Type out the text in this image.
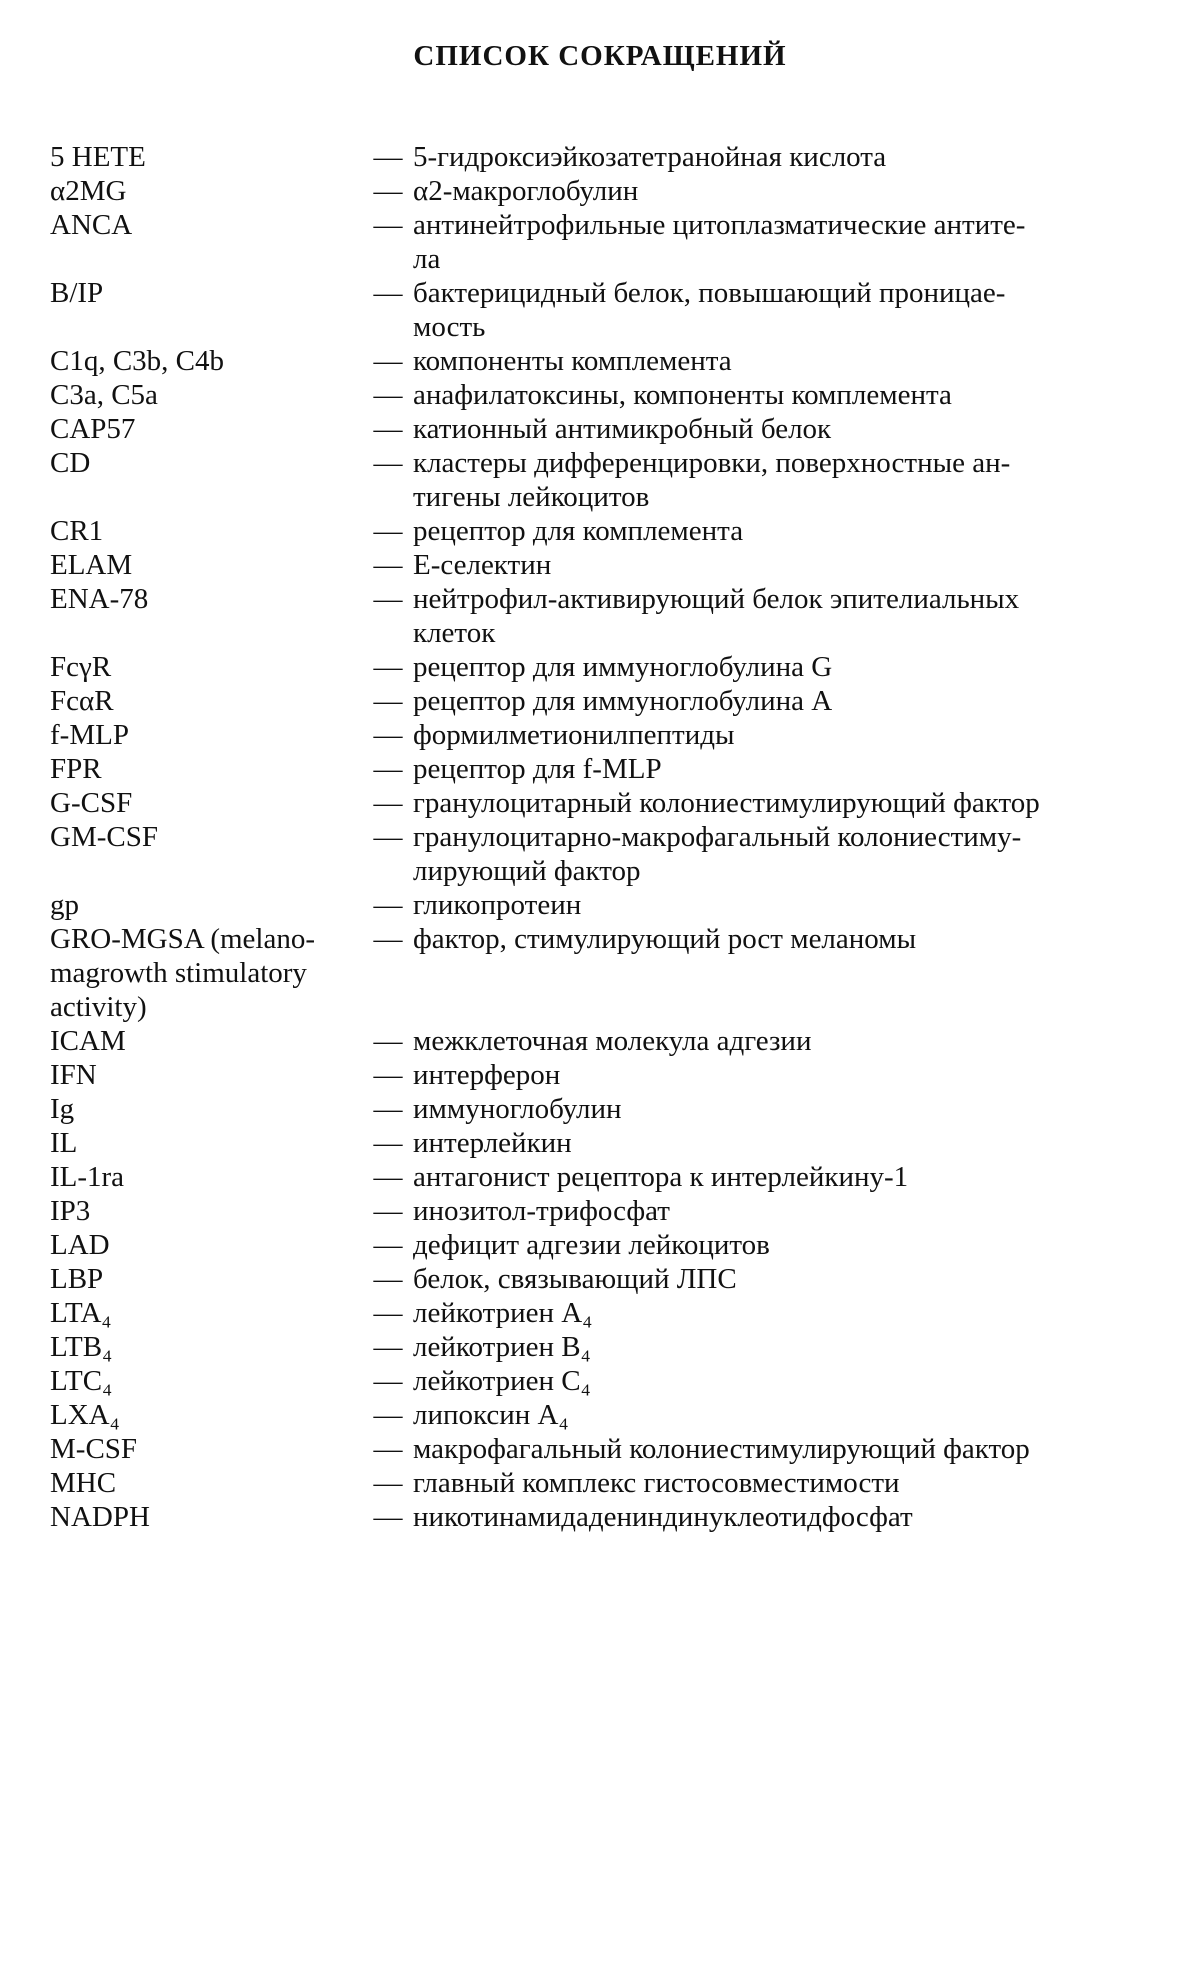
СПИСОК СОКРАЩЕНИЙ
5 HETE	— 5-гидроксиэйкозатетранойная кислота
α2MG	— α2-макроглобулин
ANCA	— антинейтрофильные цитоплазматические антите-
ла
B/IP	— бактерицидный белок, повышающий проницае-
мость
C1q, C3b, C4b	— компоненты комплемента
C3a, C5a	— анафилатоксины, компоненты комплемента
CAP57	— катионный антимикробный белок
CD	— кластеры дифференцировки, поверхностные ан-
тигены лейкоцитов
CR1	— рецептор для комплемента
ELAM	— E-селектин
ENA-78	— нейтрофил-активирующий белок эпителиальных
клеток
FcγR	— рецептор для иммуноглобулина G
FcαR	— рецептор для иммуноглобулина A
f-MLP	— формилметионилпептиды
FPR	— рецептор для f-MLP
G-CSF	— гранулоцитарный колониестимулирующий фактор
GM-CSF	— гранулоцитарно-макрофагальный колониестиму-
лирующий фактор
gp	— гликопротеин
GRO-MGSA (melano-
magrowth stimulatory
activity)
— фактор, стимулирующий рост меланомы
ICAM	— межклеточная молекула адгезии
IFN	— интерферон
Ig	— иммуноглобулин
IL	— интерлейкин
IL-1ra	— антагонист рецептора к интерлейкину-1
IP3	— инозитол-трифосфат
LAD	— дефицит адгезии лейкоцитов
LBP	— белок, связывающий ЛПС
LTA₄	— лейкотриен A₄
LTB₄	— лейкотриен B₄
LTC₄	— лейкотриен C₄
LXA₄	— липоксин A₄
M-CSF	— макрофагальный колониестимулирующий фактор
MHC	— главный комплекс гистосовместимости
NADPH	— никотинамидадениндинуклеотидфосфат
